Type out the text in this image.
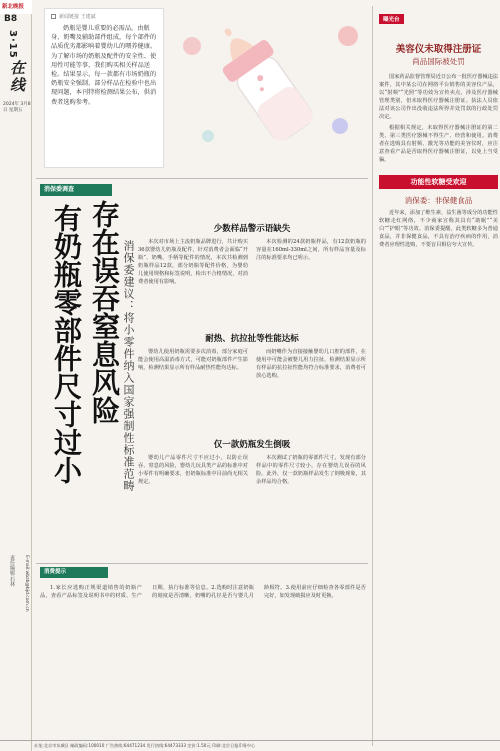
新北晚报
B8
3·15
在线
2024年 3月8日 星期五
责任编辑:石林	E-mail:wbzb@bjd.com.cn
新闻链接 王建斌
奶瓶是婴儿重要的必需品，由瓶身、奶嘴及辅助部件组成，每个部件的品质优劣都影响着婴幼儿的喂养健康。为了解市场的奶瓶及配件的安全性、使用性可能等事，我们购买相关样品送检。结果显示，每一款都有市场奶瓶的奶瓶安全强制、部分样品在检验中也出现问题，本刊特将检测结果公布，供消费者选购参考。
消保委调查
存在误吞窒息风险
有奶瓶零部件尺寸过小	消保委建议：将小零件纳入国家强制性标准范畴
少数样品警示语缺失
本次对市场上主流奶瓶品牌进行，共计购买36款婴幼儿奶瓶及配件，针对消费者会面临“开瓶”、奶嘴、手柄等配件的情况，本次共检测到奶瓶样品12款，部分奶瓶等配件价格，为婴幼儿使用规格和标签说明，检出不合格情况，对消费者使用有影响。
本次检测的24款奶瓶样品，有12款奶瓶的容量在160ml-330ml之间，所有样品容量及标注的标准要求均已明示。
耐热、抗拉扯等性能达标
婴幼儿使用奶瓶需要多次消毒，部分家庭可能会使用高温消毒方式，可能对奶瓶部件产生影响，检测结果显示所有样品耐热性能均达标。
而奶嘴作为直接接触婴幼儿口腔的部件，在使用中可能会被婴儿用力拉扯，检测结果显示所有样品的抗拉扯性能均符合标准要求，消费者可放心选购。
仅一款奶瓶发生倒吸
婴幼儿产品零件尺寸不应过小，以防止误吞、窒息的风险，婴幼儿玩具类产品的标准中对小零件有明确要求，但奶瓶标准中目前尚无相关规定。
本次测试了奶瓶的零部件尺寸，发现有部分样品中的零件尺寸较小，存在婴幼儿误吞的风险。此外，仅一款奶瓶样品发生了倒吸现象，其余样品均合格。
消费提示
1.家长应选购正规渠道销售的奶瓶产品，查看产品标签及说明书中的材质、生产日期、执行标准等信息。2.选购时注意奶瓶的刻度是否清晰，奶嘴的孔径是否与婴儿月龄相符。3.使用前应仔细检查各零部件是否完好，如发现破损应及时更换。
曝光台
美容仪未取得注册证
尚品国际被处罚
国家药品监督管理局近日公布一批医疗器械违法案件，其中某公司在网络平台销售的美容仪产品，以“射频”“光照”等功效为宣传卖点，涉及医疗器械管理类别，但未取得医疗器械注册证。执法人员依法对该公司作出没收违法所得并处罚款的行政处罚决定。
根据相关规定，未取得医疗器械注册证的第二类、第三类医疗器械不得生产、经营和使用。消费者在选购具有射频、激光等功能的美容仪时，应注意查看产品是否取得医疗器械注册证，以免上当受骗。
功能性软糖受欢迎
消保委：非保健食品
近年来，添加了维生素、益生菌等成分的功能性软糖走红网络，不少商家宣称其具有“助眠”“美白”“护眼”等功效。消保委提醒，此类软糖多为普通食品，并非保健食品，不具有治疗疾病的作用，消费者应理性选购，不要盲目相信夸大宣传。
社址:北京市东城区 邮政编码:100010 广告热线:64471234 发行热线:64473333 定价:1.50元 印刷:北京日报印务中心
